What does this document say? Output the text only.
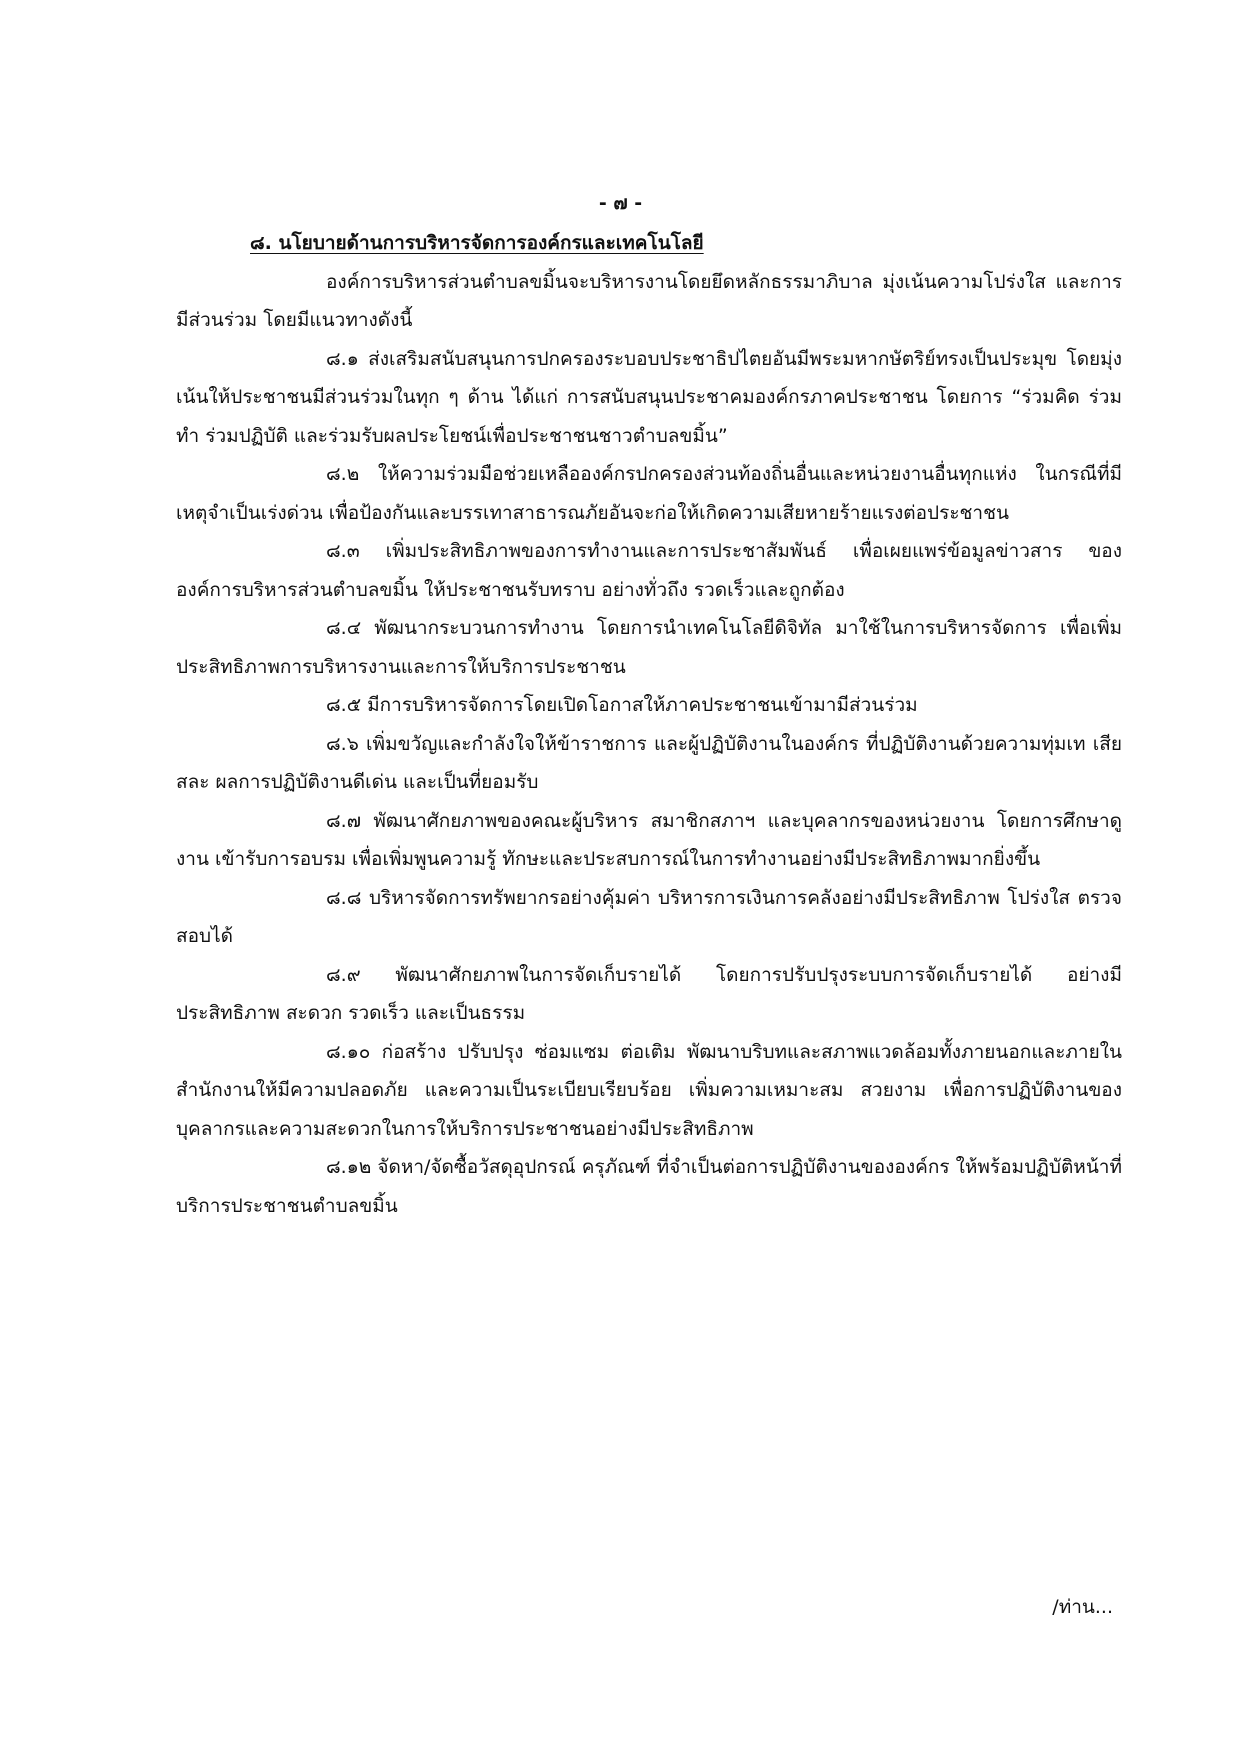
- ๗ -
๘. นโยบายด้านการบริหารจัดการองค์กรและเทคโนโลยี

องค์การบริหารส่วนตำบลขมิ้นจะบริหารงานโดยยึดหลักธรรมาภิบาล มุ่งเน้นความโปร่งใส และการมีส่วนร่วม โดยมีแนวทางดังนี้

๘.๑ ส่งเสริมสนับสนุนการปกครองระบอบประชาธิปไตยอันมีพระมหากษัตริย์ทรงเป็นประมุข โดยมุ่งเน้นให้ประชาชนมีส่วนร่วมในทุก ๆ ด้าน ได้แก่ การสนับสนุนประชาคมองค์กรภาคประชาชน โดยการ “ร่วมคิด ร่วมทำ ร่วมปฏิบัติ และร่วมรับผลประโยชน์เพื่อประชาชนชาวตำบลขมิ้น”

๘.๒ ให้ความร่วมมือช่วยเหลือองค์กรปกครองส่วนท้องถิ่นอื่นและหน่วยงานอื่นทุกแห่ง ในกรณีที่มีเหตุจำเป็นเร่งด่วน เพื่อป้องกันและบรรเทาสาธารณภัยอันจะก่อให้เกิดความเสียหายร้ายแรงต่อประชาชน

๘.๓ เพิ่มประสิทธิภาพของการทำงานและการประชาสัมพันธ์ เพื่อเผยแพร่ข้อมูลข่าวสาร ขององค์การบริหารส่วนตำบลขมิ้น ให้ประชาชนรับทราบ อย่างทั่วถึง รวดเร็วและถูกต้อง

๘.๔ พัฒนากระบวนการทำงาน โดยการนำเทคโนโลยีดิจิทัล มาใช้ในการบริหารจัดการ เพื่อเพิ่มประสิทธิภาพการบริหารงานและการให้บริการประชาชน

๘.๕ มีการบริหารจัดการโดยเปิดโอกาสให้ภาคประชาชนเข้ามามีส่วนร่วม

๘.๖ เพิ่มขวัญและกำลังใจให้ข้าราชการ และผู้ปฏิบัติงานในองค์กร ที่ปฏิบัติงานด้วยความทุ่มเท เสียสละ ผลการปฏิบัติงานดีเด่น และเป็นที่ยอมรับ

๘.๗ พัฒนาศักยภาพของคณะผู้บริหาร สมาชิกสภาฯ และบุคลากรของหน่วยงาน โดยการศึกษาดูงาน เข้ารับการอบรม เพื่อเพิ่มพูนความรู้ ทักษะและประสบการณ์ในการทำงานอย่างมีประสิทธิภาพมากยิ่งขึ้น

๘.๘ บริหารจัดการทรัพยากรอย่างคุ้มค่า บริหารการเงินการคลังอย่างมีประสิทธิภาพ โปร่งใส ตรวจสอบได้

๘.๙ พัฒนาศักยภาพในการจัดเก็บรายได้ โดยการปรับปรุงระบบการจัดเก็บรายได้ อย่างมีประสิทธิภาพ สะดวก รวดเร็ว และเป็นธรรม

๘.๑๐ ก่อสร้าง ปรับปรุง ซ่อมแซม ต่อเติม พัฒนาบริบทและสภาพแวดล้อมทั้งภายนอกและภายในสำนักงานให้มีความปลอดภัย และความเป็นระเบียบเรียบร้อย เพิ่มความเหมาะสม สวยงาม เพื่อการปฏิบัติงานของบุคลากรและความสะดวกในการให้บริการประชาชนอย่างมีประสิทธิภาพ

๘.๑๒ จัดหา/จัดซื้อวัสดุอุปกรณ์ ครุภัณฑ์ ที่จำเป็นต่อการปฏิบัติงานขององค์กร ให้พร้อมปฏิบัติหน้าที่บริการประชาชนตำบลขมิ้น

/ท่าน...
